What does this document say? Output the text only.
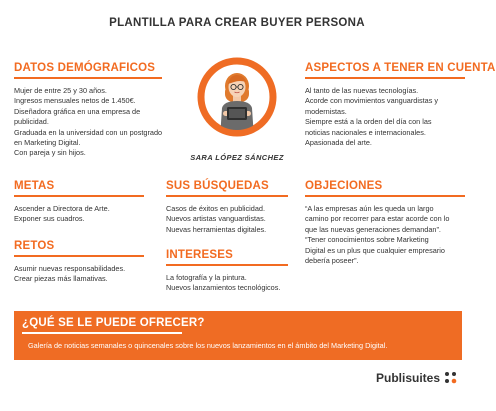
PLANTILLA PARA CREAR BUYER PERSONA
DATOS DEMÓGRAFICOS
Mujer de entre 25 y 30 años.
Ingresos mensuales netos de 1.450€.
Diseñadora gráfica en una empresa de
publicidad.
Graduada en la universidad con un postgrado
en Marketing Digital.
Con pareja y sin hijos.
SARA LÓPEZ SÁNCHEZ
ASPECTOS A TENER EN CUENTA
Al tanto de las nuevas tecnologías.
Acorde con movimientos vanguardistas y
modernistas.
Siempre está a la orden del día con las
noticias nacionales e internacionales.
Apasionada del arte.
METAS
Ascender a Directora de Arte.
Exponer sus cuadros.
RETOS
Asumir nuevas responsabilidades.
Crear piezas más llamativas.
SUS BÚSQUEDAS
Casos de éxitos en publicidad.
Nuevos artistas vanguardistas.
Nuevas herramientas digitales.
INTERESES
La fotografía y la pintura.
Nuevos lanzamientos tecnológicos.
OBJECIONES
“A las empresas aún les queda un largo
camino por recorrer para estar acorde con lo
que las nuevas generaciones demandan”.
“Tener conocimientos sobre Marketing
Digital es un plus que cualquier empresario
debería poseer”.
¿QUÉ SE LE PUEDE OFRECER?
Galería de noticias semanales o quincenales sobre los nuevos lanzamientos en el ámbito del Marketing Digital.
Publisuites
